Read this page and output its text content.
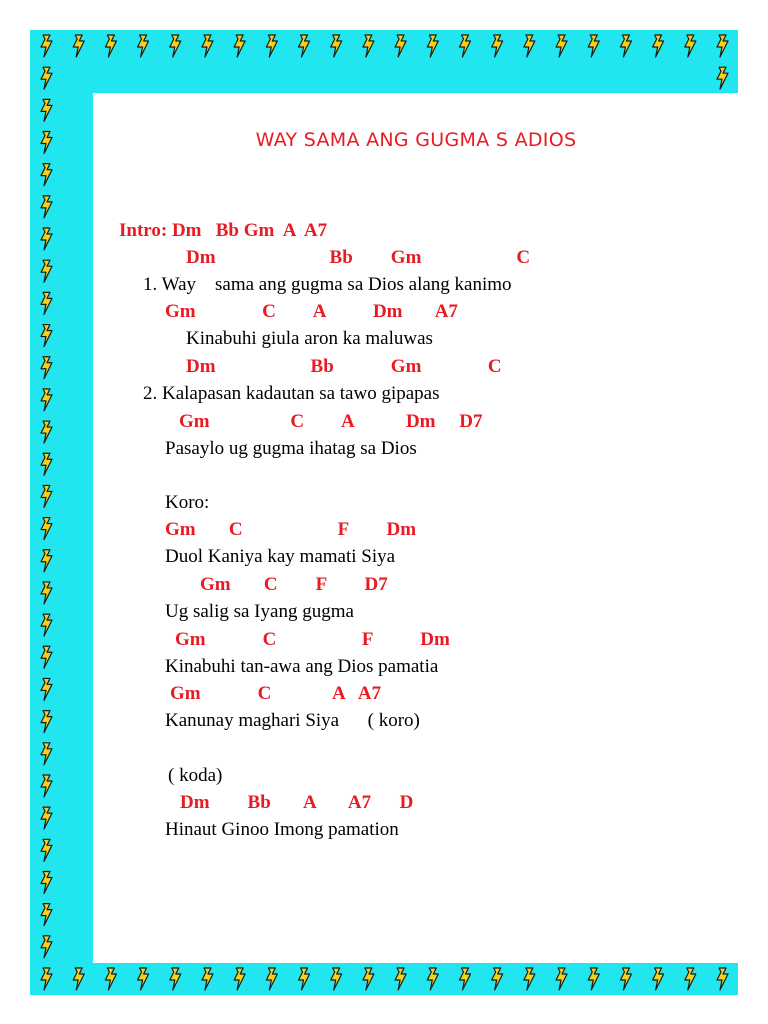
WAY SAMA ANG GUGMA S ADIOS
Intro: Dm   Bb Gm  A  A7
Dm                        Bb        Gm                    C
1. Way    sama ang gugma sa Dios alang kanimo
Gm              C        A          Dm       A7
Kinabuhi giula aron ka maluwas
Dm                    Bb            Gm              C
2. Kalapasan kadautan sa tawo gipapas
Gm                 C        A           Dm     D7
Pasaylo ug gugma ihatag sa Dios
Koro:
Gm       C                    F        Dm
Duol Kaniya kay mamati Siya
Gm       C        F        D7
Ug salig sa Iyang gugma
Gm            C                  F          Dm
Kinabuhi tan-awa ang Dios pamatia
Gm            C             A   A7
Kanunay maghari Siya      ( koro)
( koda)
Dm        Bb       A       A7      D
Hinaut Ginoo Imong pamation
